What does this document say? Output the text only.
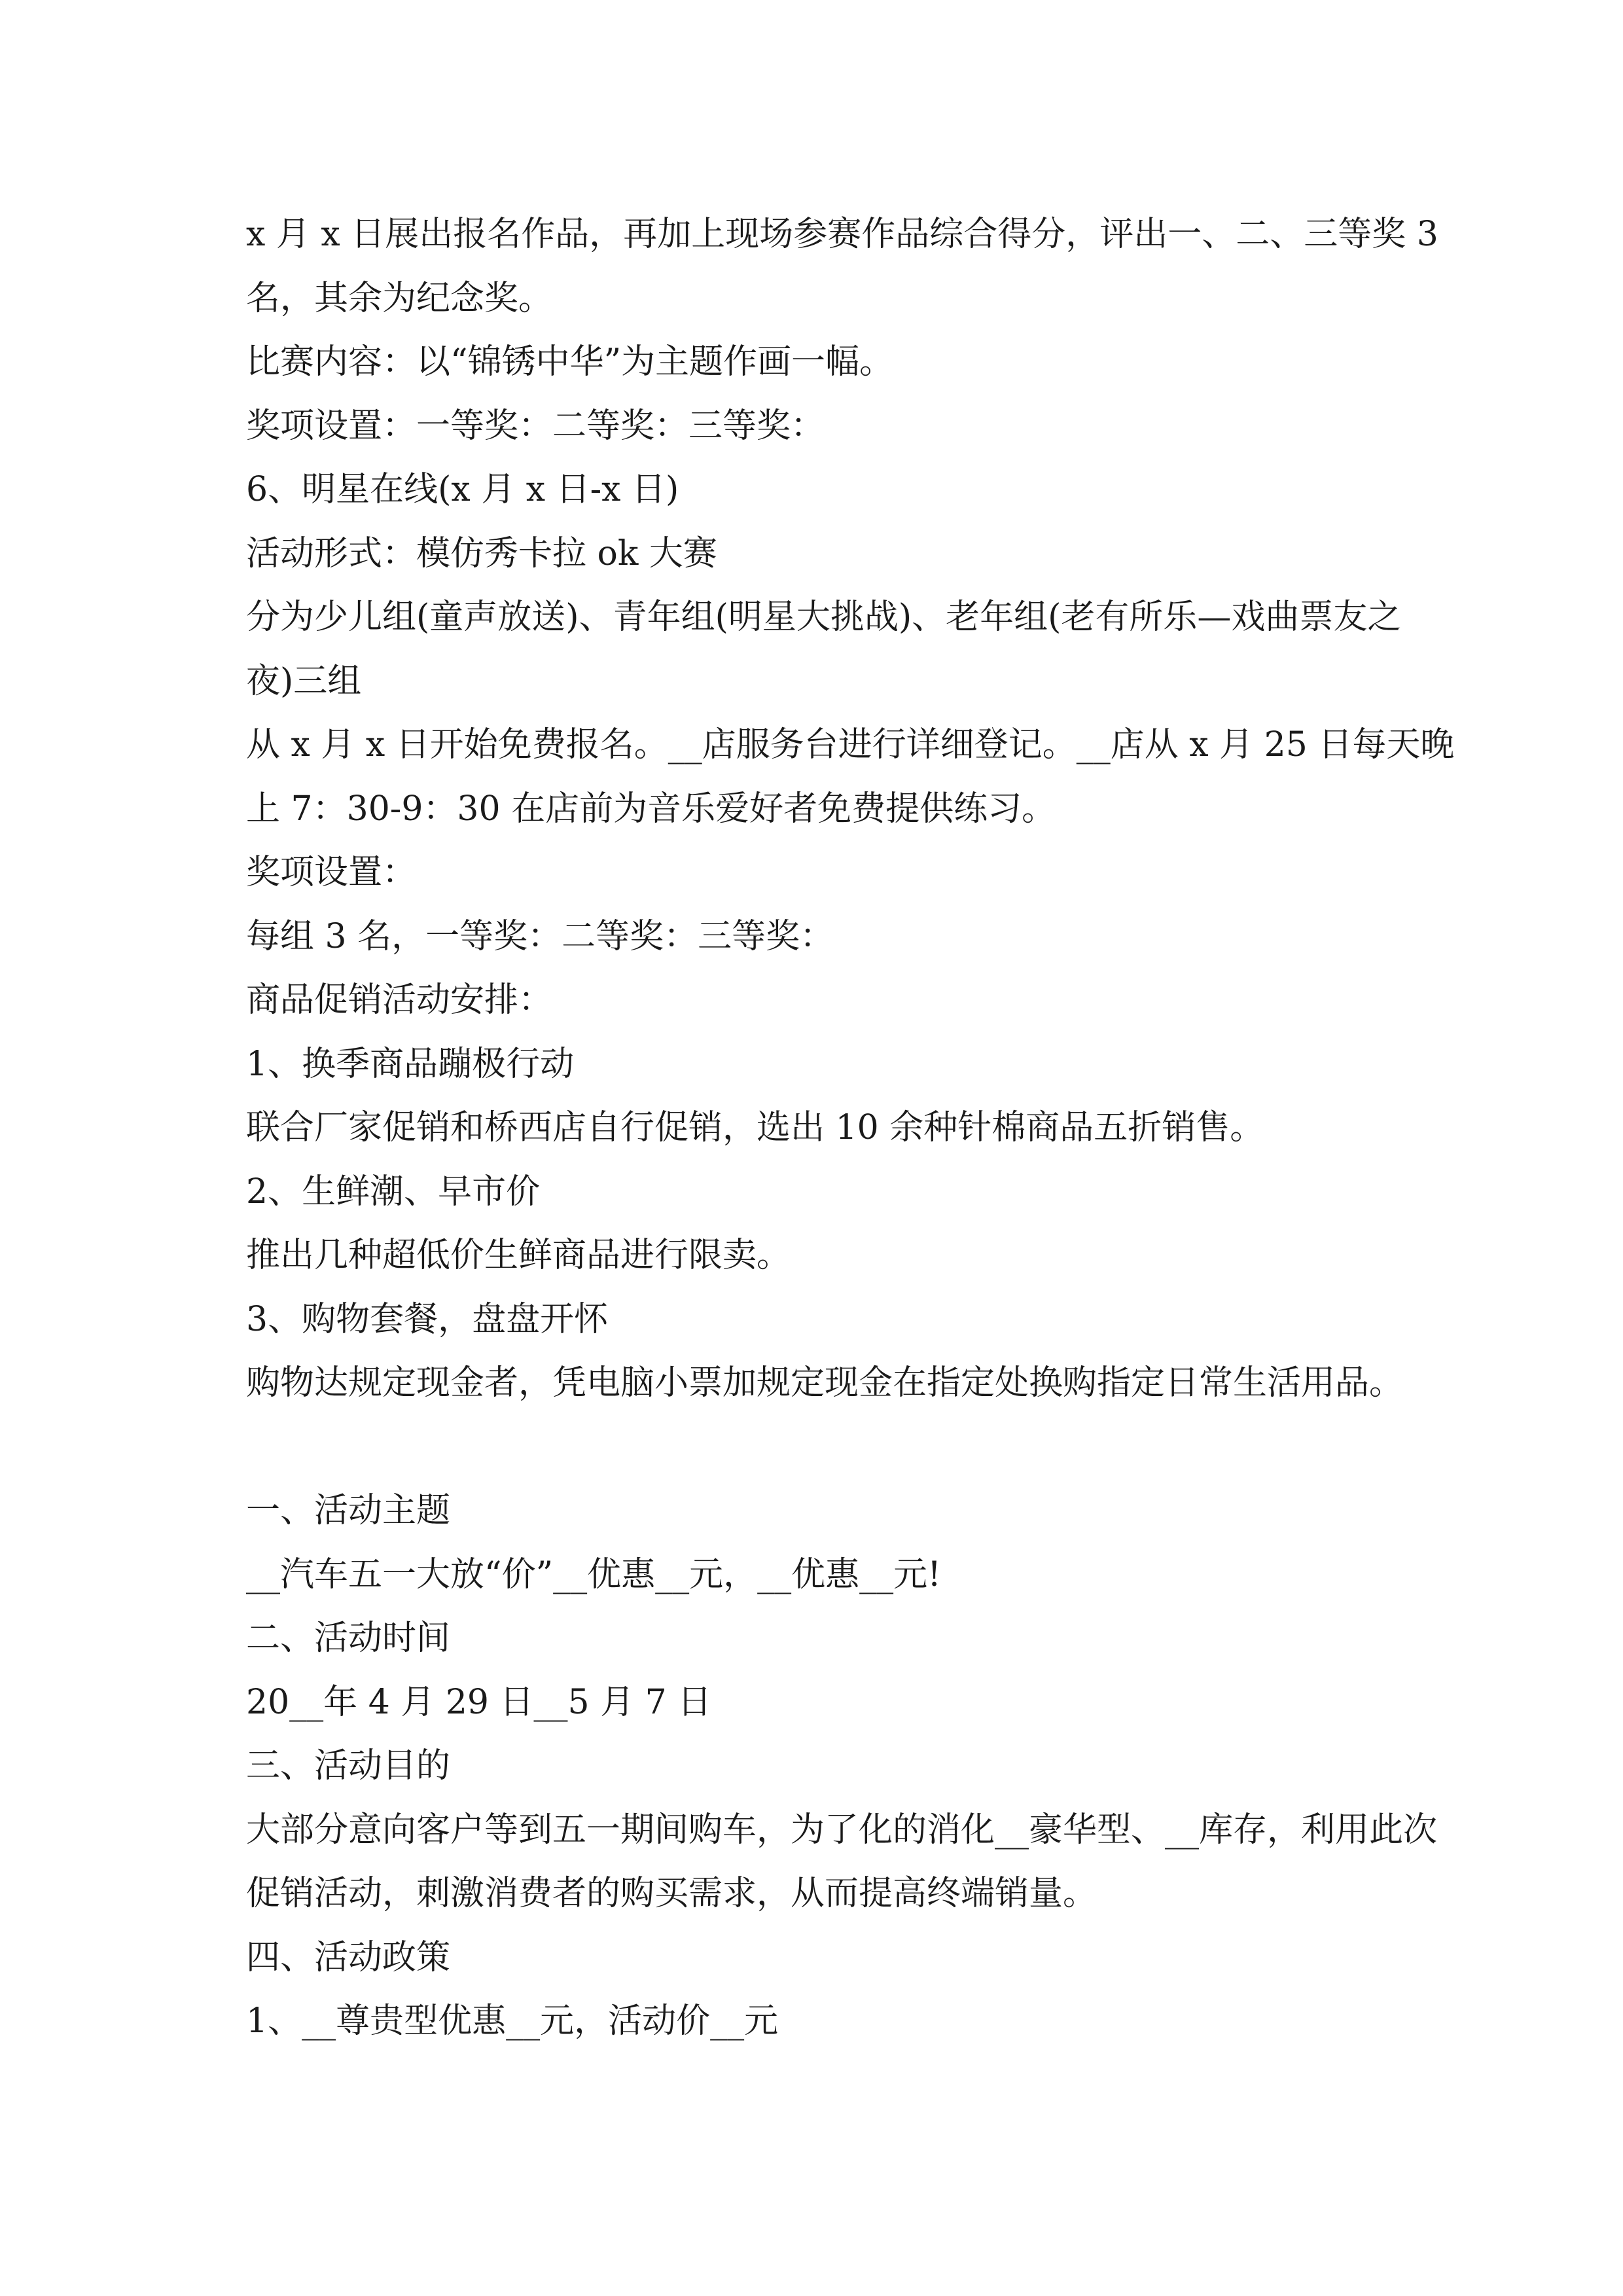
x 月 x 日展出报名作品，再加上现场参赛作品综合得分，评出一、二、三等奖 3

名，其余为纪念奖。

比赛内容：以“锦锈中华”为主题作画一幅。

奖项设置：一等奖：二等奖：三等奖：

6、明星在线(x 月 x 日-x 日)

活动形式：模仿秀卡拉 ok 大赛

分为少儿组(童声放送)、青年组(明星大挑战)、老年组(老有所乐—戏曲票友之

夜)三组

从 x 月 x 日开始免费报名。__店服务台进行详细登记。__店从 x 月 25 日每天晚

上 7：30-9：30 在店前为音乐爱好者免费提供练习。

奖项设置：

每组 3 名，一等奖：二等奖：三等奖：

商品促销活动安排：

1、换季商品蹦极行动

联合厂家促销和桥西店自行促销，选出 10 余种针棉商品五折销售。

2、生鲜潮、早市价

推出几种超低价生鲜商品进行限卖。

3、购物套餐，盘盘开怀

购物达规定现金者，凭电脑小票加规定现金在指定处换购指定日常生活用品。

一、活动主题

__汽车五一大放“价”__优惠__元，__优惠__元!

二、活动时间

20__年 4 月 29 日__5 月 7 日

三、活动目的

大部分意向客户等到五一期间购车，为了化的消化__豪华型、__库存，利用此次

促销活动，刺激消费者的购买需求，从而提高终端销量。

四、活动政策

1、__尊贵型优惠__元，活动价__元
